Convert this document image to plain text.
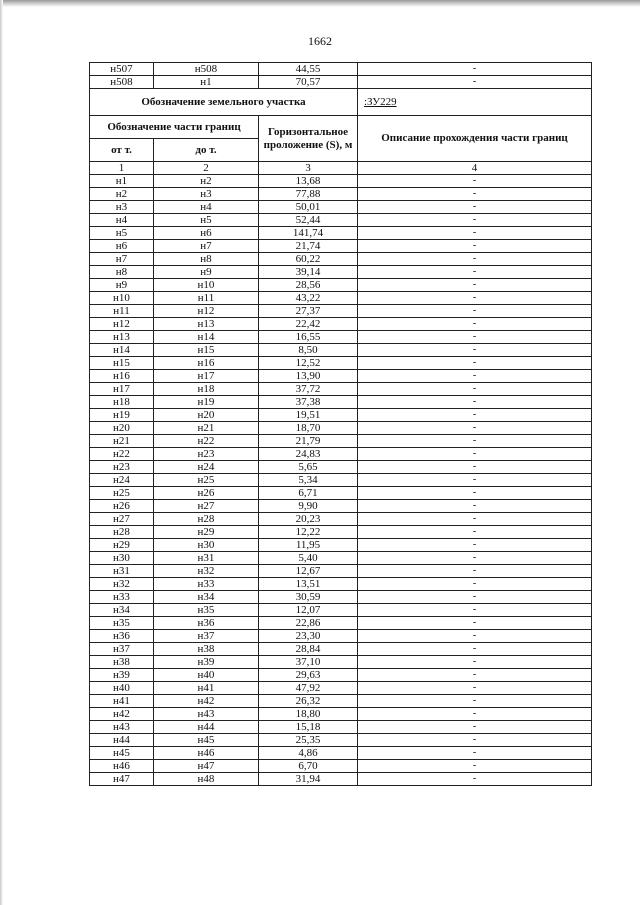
1662
н507	н508	44,55	-
н508	н1	70,57	-
Обозначение земельного участка			:ЗУ229
Обозначение части границ		Горизонтальное проложение (S), м	Описание прохождения части границ
от т.	до т.		
1	2	3	4
н1	н2	13,68	-
н2	н3	77,88	-
н3	н4	50,01	-
н4	н5	52,44	-
н5	н6	141,74	-
н6	н7	21,74	-
н7	н8	60,22	-
н8	н9	39,14	-
н9	н10	28,56	-
н10	н11	43,22	-
н11	н12	27,37	-
н12	н13	22,42	-
н13	н14	16,55	-
н14	н15	8,50	-
н15	н16	12,52	-
н16	н17	13,90	-
н17	н18	37,72	-
н18	н19	37,38	-
н19	н20	19,51	-
н20	н21	18,70	-
н21	н22	21,79	-
н22	н23	24,83	-
н23	н24	5,65	-
н24	н25	5,34	-
н25	н26	6,71	-
н26	н27	9,90	-
н27	н28	20,23	-
н28	н29	12,22	-
н29	н30	11,95	-
н30	н31	5,40	-
н31	н32	12,67	-
н32	н33	13,51	-
н33	н34	30,59	-
н34	н35	12,07	-
н35	н36	22,86	-
н36	н37	23,30	-
н37	н38	28,84	-
н38	н39	37,10	-
н39	н40	29,63	-
н40	н41	47,92	-
н41	н42	26,32	-
н42	н43	18,80	-
н43	н44	15,18	-
н44	н45	25,35	-
н45	н46	4,86	-
н46	н47	6,70	-
н47	н48	31,94	-
